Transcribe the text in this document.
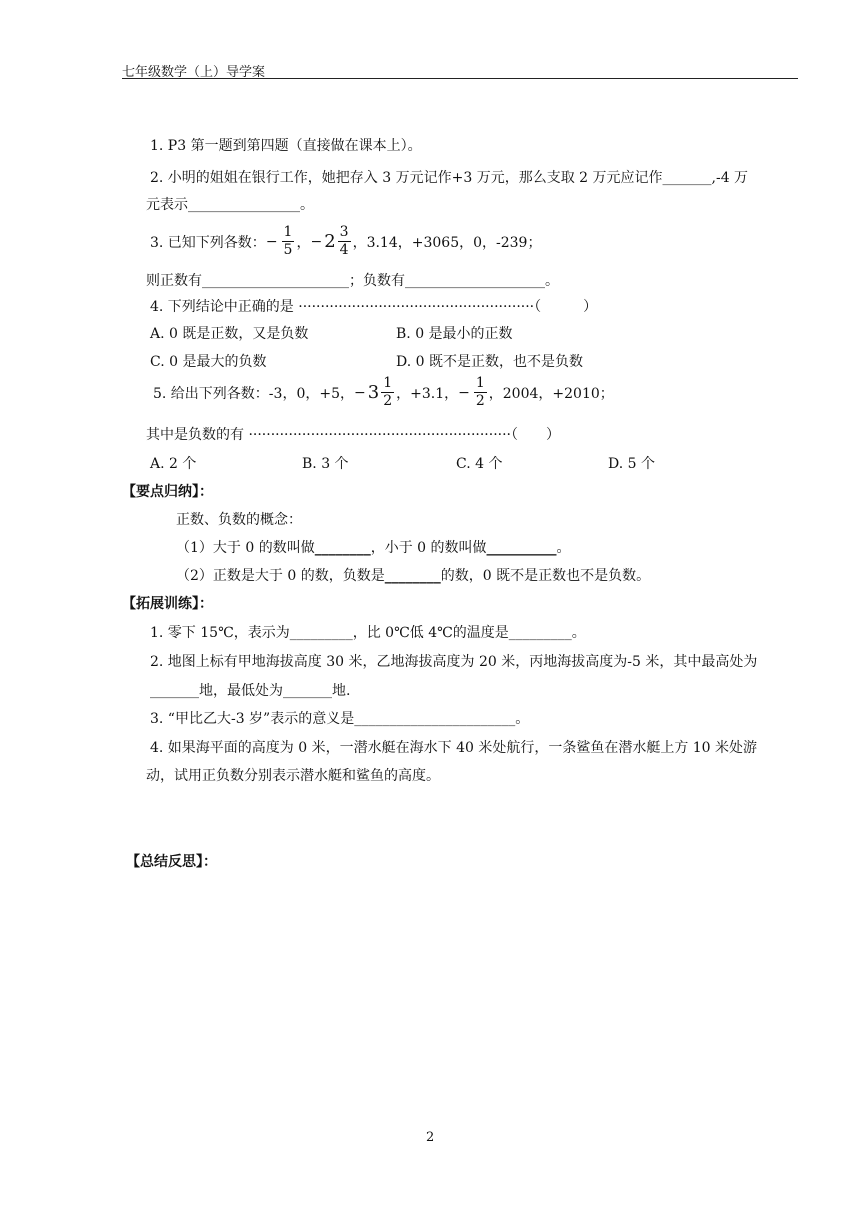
七年级数学（上）导学案
1. P3 第一题到第四题（直接做在课本上）。
2. 小明的姐姐在银行工作，她把存入 3 万元记作+3 万元，那么支取 2 万元应记作_______,-4 万
元表示________________。
3. 已知下列各数： − $\frac{1}{5}$ ， − $2 \frac{3}{4}$ ，3.14，+3065，0，-239；
则正数有_____________________；负数有____________________。
4. 下列结论中正确的是 ·····················································（　　　）
A. 0 既是正数，又是负数	B. 0 是最小的正数
C. 0 是最大的负数	D. 0 既不是正数，也不是负数
5. 给出下列各数：-3，0，+5， − $3 \frac{1}{2}$ ，+3.1， − $\frac{1}{2}$ ，2004，+2010；
其中是负数的有 ···························································（　　）
A. 2 个	B. 3 个	C. 4 个	D. 5 个
【要点归纳】：
正数、负数的概念：
（1）大于 0 的数叫做________，小于 0 的数叫做__________。
（2）正数是大于 0 的数，负数是________的数，0 既不是正数也不是负数。
【拓展训练】：
1. 零下 15℃，表示为_________，比 0℃低 4℃的温度是_________。
2. 地图上标有甲地海拔高度 30 米，乙地海拔高度为 20 米，丙地海拔高度为-5 米，其中最高处为
_______地，最低处为_______地.
3. “甲比乙大-3 岁”表示的意义是_______________________。
4. 如果海平面的高度为 0 米，一潜水艇在海水下 40 米处航行，一条鲨鱼在潜水艇上方 10 米处游
动，试用正负数分别表示潜水艇和鲨鱼的高度。
【总结反思】：
2
